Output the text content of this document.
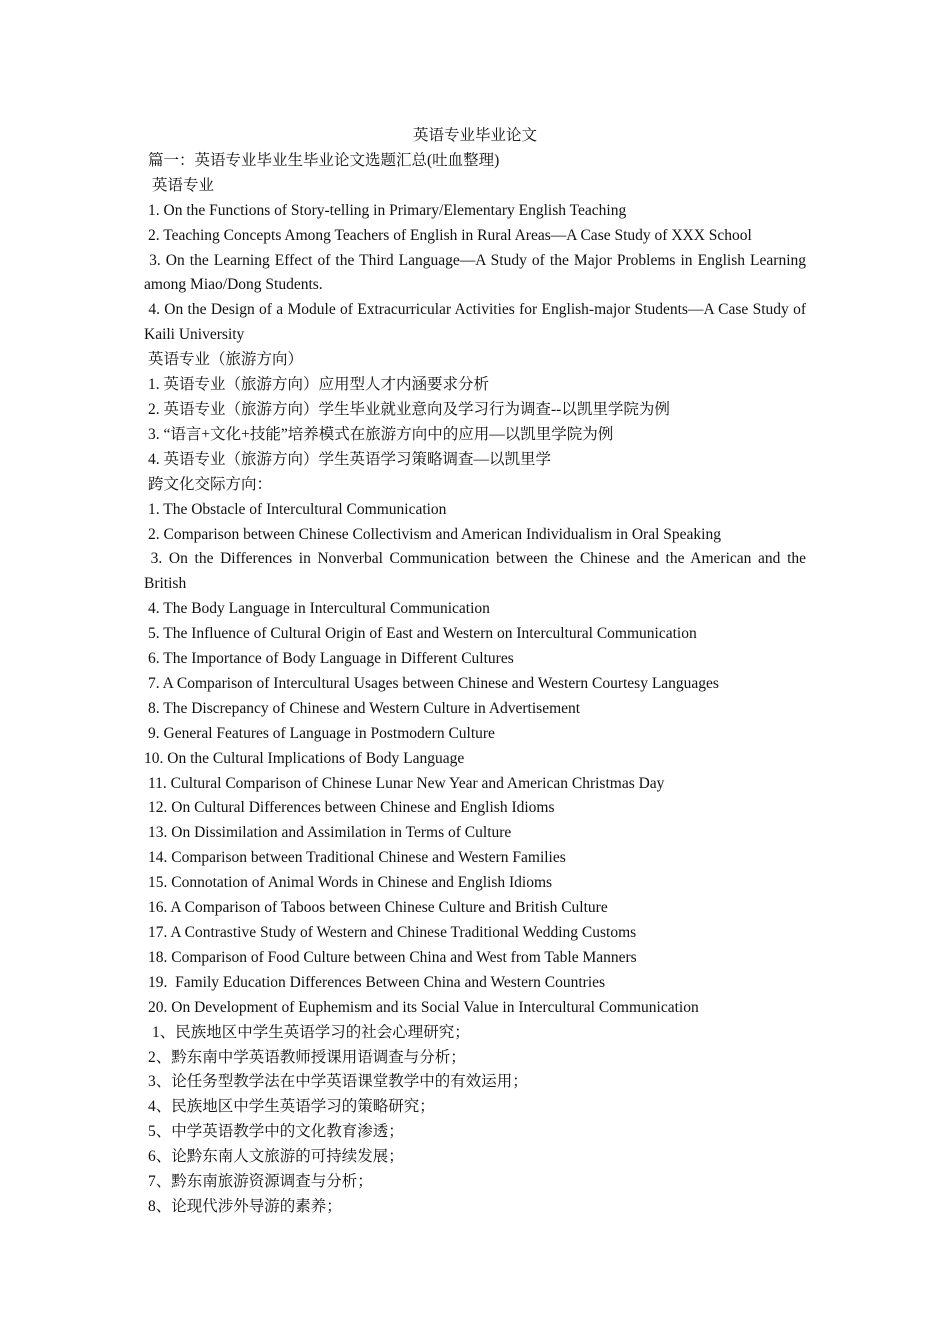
英语专业毕业论文

篇一：英语专业毕业生毕业论文选题汇总(吐血整理)

英语专业

1. On the Functions of Story-telling in Primary/Elementary English Teaching

2. Teaching Concepts Among Teachers of English in Rural Areas—A Case Study of XXX School

3. On the Learning Effect of the Third Language—A Study of the Major Problems in English Learning among Miao/Dong Students.

4. On the Design of a Module of Extracurricular Activities for English-major Students—A Case Study of Kaili University

英语专业（旅游方向）

1. 英语专业（旅游方向）应用型人才内涵要求分析

2. 英语专业（旅游方向）学生毕业就业意向及学习行为调查--以凯里学院为例

3. “语言+文化+技能”培养模式在旅游方向中的应用—以凯里学院为例

4. 英语专业（旅游方向）学生英语学习策略调查—以凯里学

跨文化交际方向：

1. The Obstacle of Intercultural Communication

2. Comparison between Chinese Collectivism and American Individualism in Oral Speaking

3. On the Differences in Nonverbal Communication between the Chinese and the American and the British

4. The Body Language in Intercultural Communication

5. The Influence of Cultural Origin of East and Western on Intercultural Communication

6. The Importance of Body Language in Different Cultures

7. A Comparison of Intercultural Usages between Chinese and Western Courtesy Languages

8. The Discrepancy of Chinese and Western Culture in Advertisement

9. General Features of Language in Postmodern Culture

10. On the Cultural Implications of Body Language

11. Cultural Comparison of Chinese Lunar New Year and American Christmas Day

12. On Cultural Differences between Chinese and English Idioms

13. On Dissimilation and Assimilation in Terms of Culture

14. Comparison between Traditional Chinese and Western Families

15. Connotation of Animal Words in Chinese and English Idioms

16. A Comparison of Taboos between Chinese Culture and British Culture

17. A Contrastive Study of Western and Chinese Traditional Wedding Customs

18. Comparison of Food Culture between China and West from Table Manners

19.  Family Education Differences Between China and Western Countries

20. On Development of Euphemism and its Social Value in Intercultural Communication

1、民族地区中学生英语学习的社会心理研究；

2、黔东南中学英语教师授课用语调查与分析；

3、论任务型教学法在中学英语课堂教学中的有效运用；

4、民族地区中学生英语学习的策略研究；

5、中学英语教学中的文化教育渗透；

6、论黔东南人文旅游的可持续发展；

7、黔东南旅游资源调查与分析；

8、论现代涉外导游的素养；
